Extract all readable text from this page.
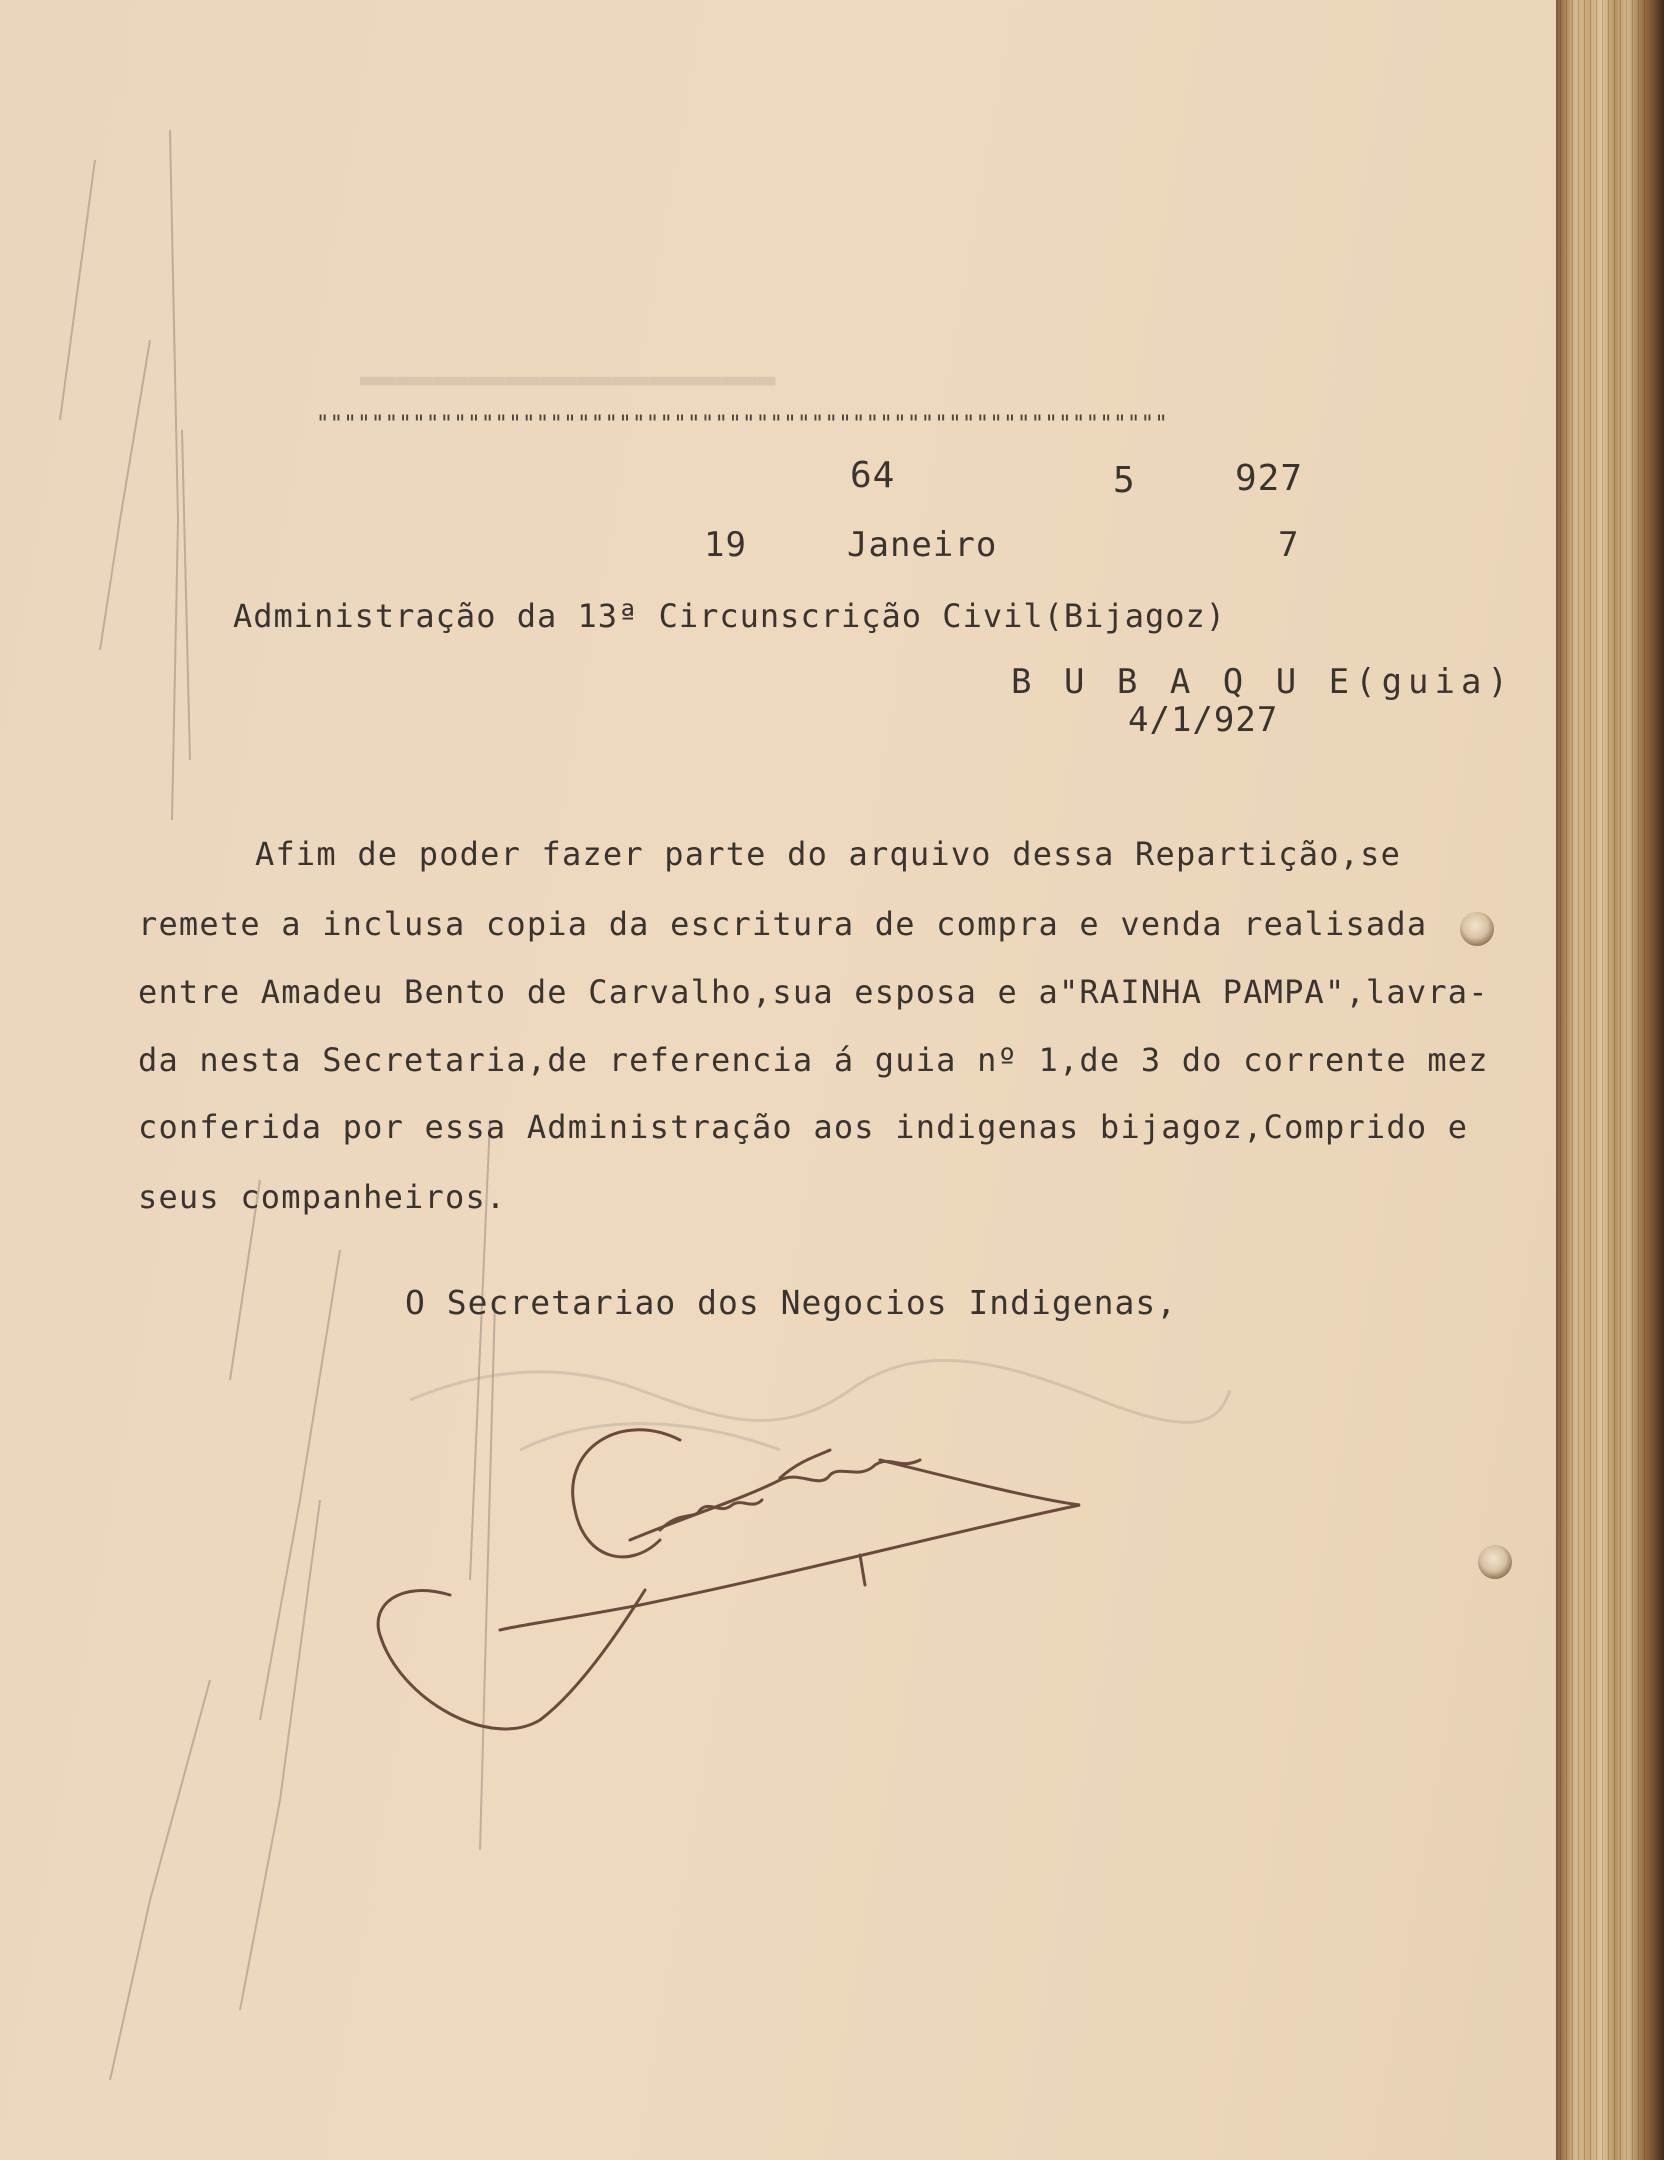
▬▬▬▬▬▬▬▬▬▬▬▬▬▬▬▬▬▬▬▬▬▬▬
""""""""""""""""""""""""""""""""""""""""""""""""""""""""""""""
64	5	927
19	Janeiro	7
Administração da 13ª Circunscrição Civil(Bijagoz)
B U B A Q U E(guia)
4/1/927
Afim de poder fazer parte do arquivo dessa Repartição,se
remete a inclusa copia da escritura de compra e venda realisada
entre Amadeu Bento de Carvalho,sua esposa e a"RAINHA PAMPA",lavra-
da nesta Secretaria,de referencia á guia nº 1,de 3 do corrente mez
conferida por essa Administração aos indigenas bijagoz,Comprido e
seus companheiros.
O Secretariao dos Negocios Indigenas,
